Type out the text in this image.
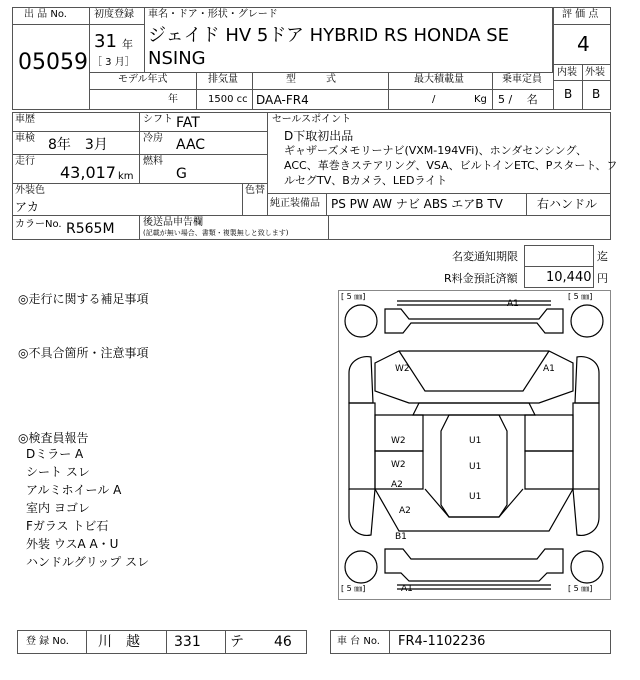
出 品 No.
05059
初度登録
31 年
［ 3 月］
車名・ドア・形状・グレード
ジェイド HV 5ドア HYBRID RS HONDA SE
NSING
評 価 点
4
内装 外装
B B
モデル年式
年
排気量
1500 cc
型　　　式
DAA-FR4
最大積載量
/	Kg
乗車定員
5 /　 名
車歴
車検 8年　3月
走行
43,017 km
外装色
アカ
色替
カラーNo. R565M
シフト FAT
冷房 AAC
燃料
G
セールスポイント
D下取初出品
ギャザーズメモリーナビ(VXM-194VFi)、ホンダセンシング、
ACC、革巻きステアリング、VSA、ビルトインETC、Pスタート、フ
ルセグTV、Bカメラ、LEDライト
純正装備品 PS PW AW ナビ ABS エアB TV	右ハンドル
後送品申告欄
(記載が無い場合、書類・複製無しと致します)
名変通知期限	迄
R料金預託済額 10,440 円
◎走行に関する補足事項
◎不具合箇所・注意事項
◎検査員報告
Dミラー A
シート スレ
アルミホイール A
室内 ヨゴレ
Fガラス トビ石
外装 ウスA A・U
ハンドルグリップ スレ
[ 5 ㎜]	[ 5 ㎜]
[ 5 ㎜]	[ 5 ㎜]
A1
W2	A1
W2	U1
W2
A2
U1
U1
A2
B1
A1
登 録 No. 川　越 331 テ 46	車 台 No. FR4-1102236
